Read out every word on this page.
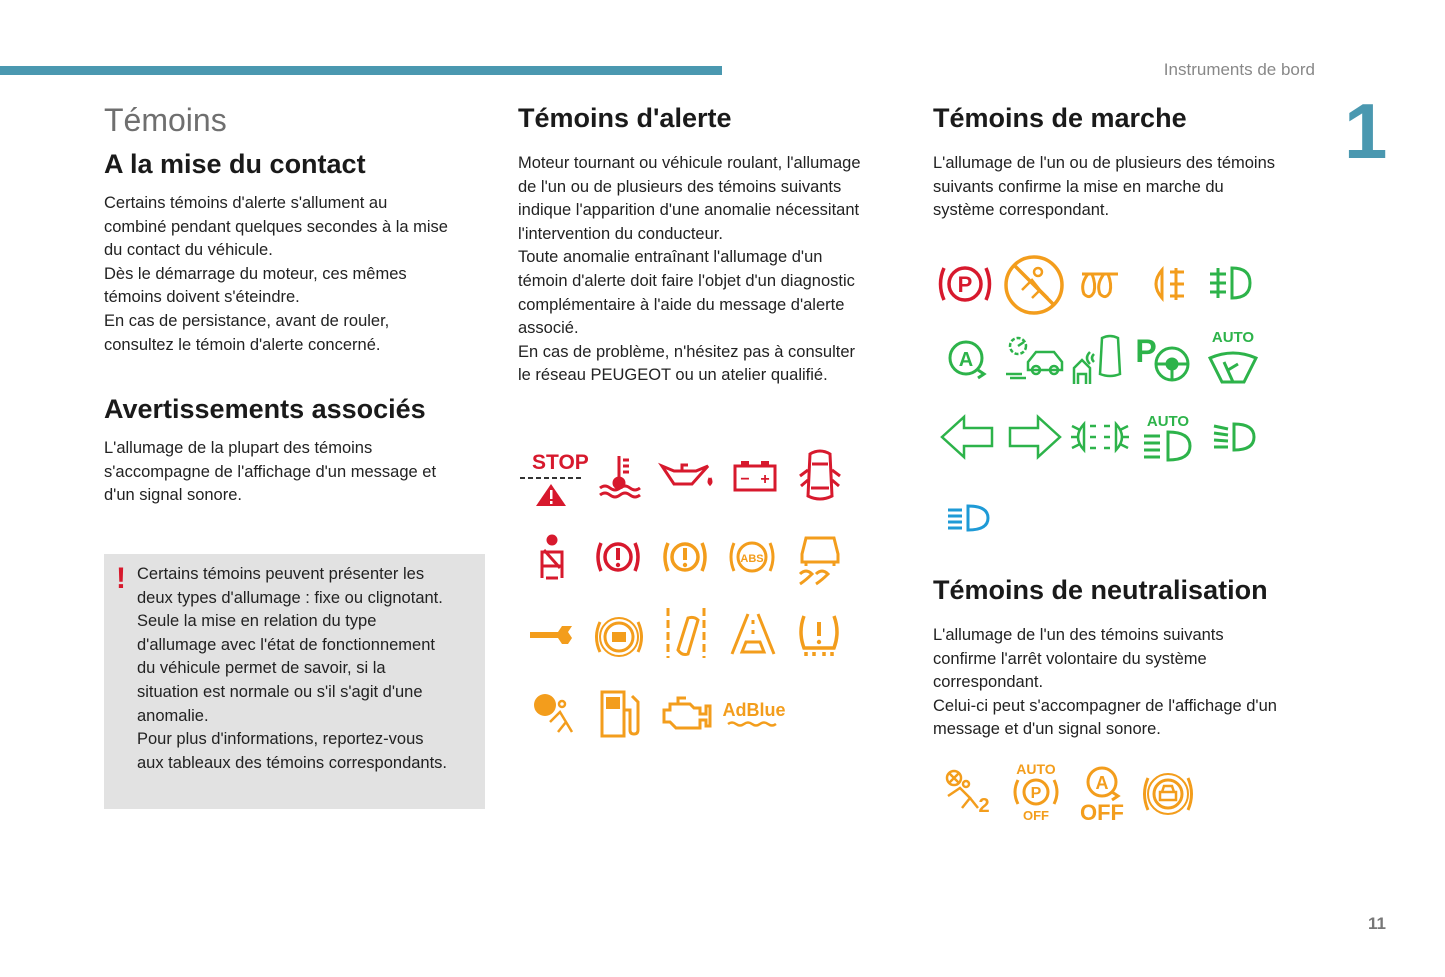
Instruments de bord
1
11
Témoins
A la mise du contact

Certains témoins d'alerte s'allument au
combiné pendant quelques secondes à la mise
du contact du véhicule.
Dès le démarrage du moteur, ces mêmes
témoins doivent s'éteindre.
En cas de persistance, avant de rouler,
consultez le témoin d'alerte concerné.

Avertissements associés

L'allumage de la plupart des témoins
s'accompagne de l'affichage d'un message et
d'un signal sonore.

! Certains témoins peuvent présenter les
deux types d'allumage : fixe ou clignotant.
Seule la mise en relation du type
d'allumage avec l'état de fonctionnement
du véhicule permet de savoir, si la
situation est normale ou s'il s'agit d'une
anomalie.
Pour plus d'informations, reportez-vous
aux tableaux des témoins correspondants.

Témoins d'alerte

Moteur tournant ou véhicule roulant, l'allumage
de l'un ou de plusieurs des témoins suivants
indique l'apparition d'une anomalie nécessitant
l'intervention du conducteur.
Toute anomalie entraînant l'allumage d'un
témoin d'alerte doit faire l'objet d'un diagnostic
complémentaire à l'aide du message d'alerte
associé.
En cas de problème, n'hésitez pas à consulter
le réseau PEUGEOT ou un atelier qualifié.

Témoins de marche

L'allumage de l'un ou de plusieurs des témoins
suivants confirme la mise en marche du
système correspondant.

Témoins de neutralisation

L'allumage de l'un des témoins suivants
confirme l'arrêt volontaire du système
correspondant.
Celui-ci peut s'accompagner de l'affichage d'un
message et d'un signal sonore.

STOP
− +
ABS
AdBlue
P
A	P	AUTO
AUTO
2
AUTO
P
OFF
A
OFF
